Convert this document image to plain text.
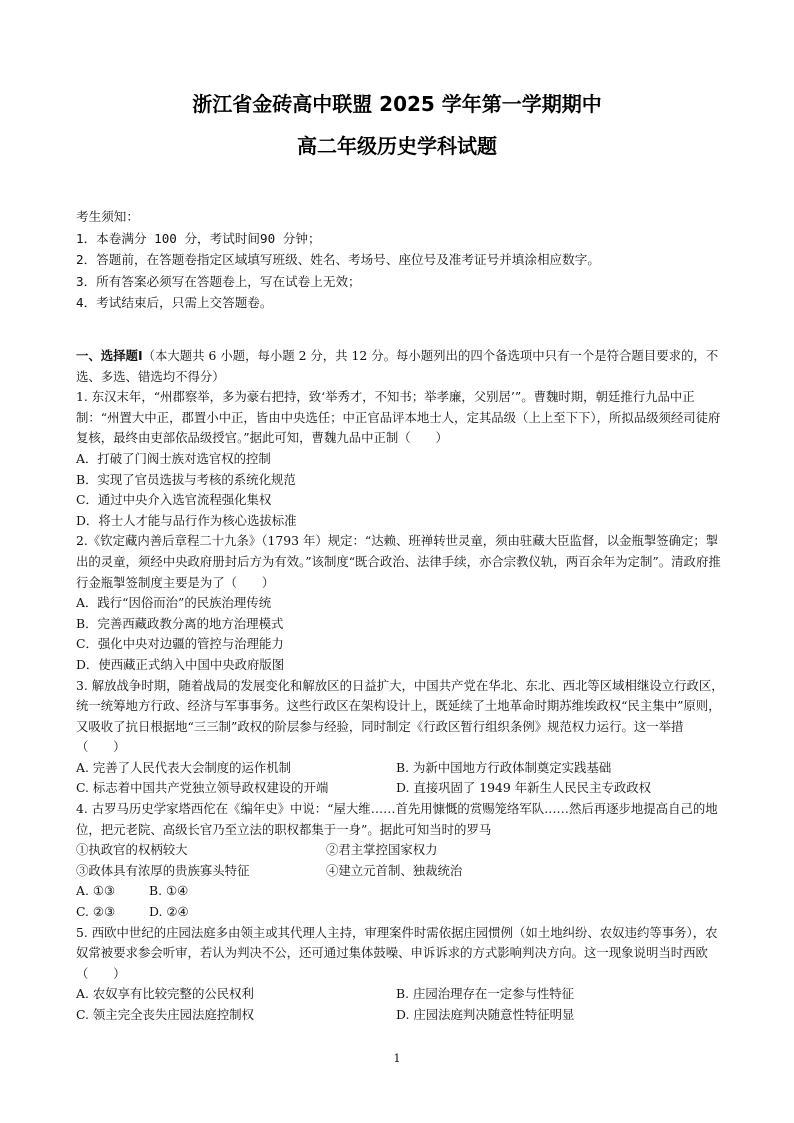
浙江省金砖高中联盟 2025 学年第一学期期中
高二年级历史学科试题
考生须知：
1．本卷满分 100 分，考试时间90 分钟；
2．答题前，在答题卷指定区域填写班级、姓名、考场号、座位号及准考证号并填涂相应数字。
3．所有答案必须写在答题卷上，写在试卷上无效；
4．考试结束后，只需上交答题卷。

一、选择题Ⅰ（本大题共 6 小题，每小题 2 分，共 12 分。每小题列出的四个备选项中只有一个是符合题目要求的，不选、多选、错选均不得分）

1. 东汉末年，“州郡察举，多为豪右把持，致‘举秀才，不知书；举孝廉，父别居’”。曹魏时期，朝廷推行九品中正制：“州置大中正，郡置小中正，皆由中央选任；中正官品评本地士人，定其品级（上上至下下），所拟品级须经司徒府复核，最终由吏部依品级授官。”据此可知，曹魏九品中正制（　　）

A．打破了门阀士族对选官权的控制

B．实现了官员选拔与考核的系统化规范

C．通过中央介入选官流程强化集权

D．将士人才能与品行作为核心选拔标准

2.《钦定藏内善后章程二十九条》（1793 年）规定：“达赖、班禅转世灵童，须由驻藏大臣监督，以金瓶掣签确定；掣出的灵童，须经中央政府册封后方为有效。”该制度“既合政治、法律手续，亦合宗教仪轨，两百余年为定制”。清政府推行金瓶掣签制度主要是为了（　　）

A．践行“因俗而治”的民族治理传统

B．完善西藏政教分离的地方治理模式

C．强化中央对边疆的管控与治理能力

D．使西藏正式纳入中国中央政府版图

3. 解放战争时期，随着战局的发展变化和解放区的日益扩大，中国共产党在华北、东北、西北等区域相继设立行政区，统一统筹地方行政、经济与军事事务。这些行政区在架构设计上，既延续了土地革命时期苏维埃政权“民主集中”原则，又吸收了抗日根据地“三三制”政权的阶层参与经验，同时制定《行政区暂行组织条例》规范权力运行。这一举措（　　）

A. 完善了人民代表大会制度的运作机制	B. 为新中国地方行政体制奠定实践基础
C. 标志着中国共产党独立领导政权建设的开端	D. 直接巩固了 1949 年新生人民民主专政政权

4. 古罗马历史学家塔西佗在《编年史》中说：“屋大维……首先用慷慨的赏赐笼络军队……然后再逐步地提高自己的地位，把元老院、高级长官乃至立法的职权都集于一身”。据此可知当时的罗马

①执政官的权柄较大	②君主掌控国家权力
③政体具有浓厚的贵族寡头特征	④建立元首制、独裁统治
A. ①③	B. ①④
C. ②③	D. ②④

5. 西欧中世纪的庄园法庭多由领主或其代理人主持，审理案件时需依据庄园惯例（如土地纠纷、农奴违约等事务），农奴常被要求参会听审，若认为判决不公，还可通过集体鼓噪、申诉诉求的方式影响判决方向。这一现象说明当时西欧（　　）

A. 农奴享有比较完整的公民权利	B. 庄园治理存在一定参与性特征
C. 领主完全丧失庄园法庭控制权	D. 庄园法庭判决随意性特征明显
1
